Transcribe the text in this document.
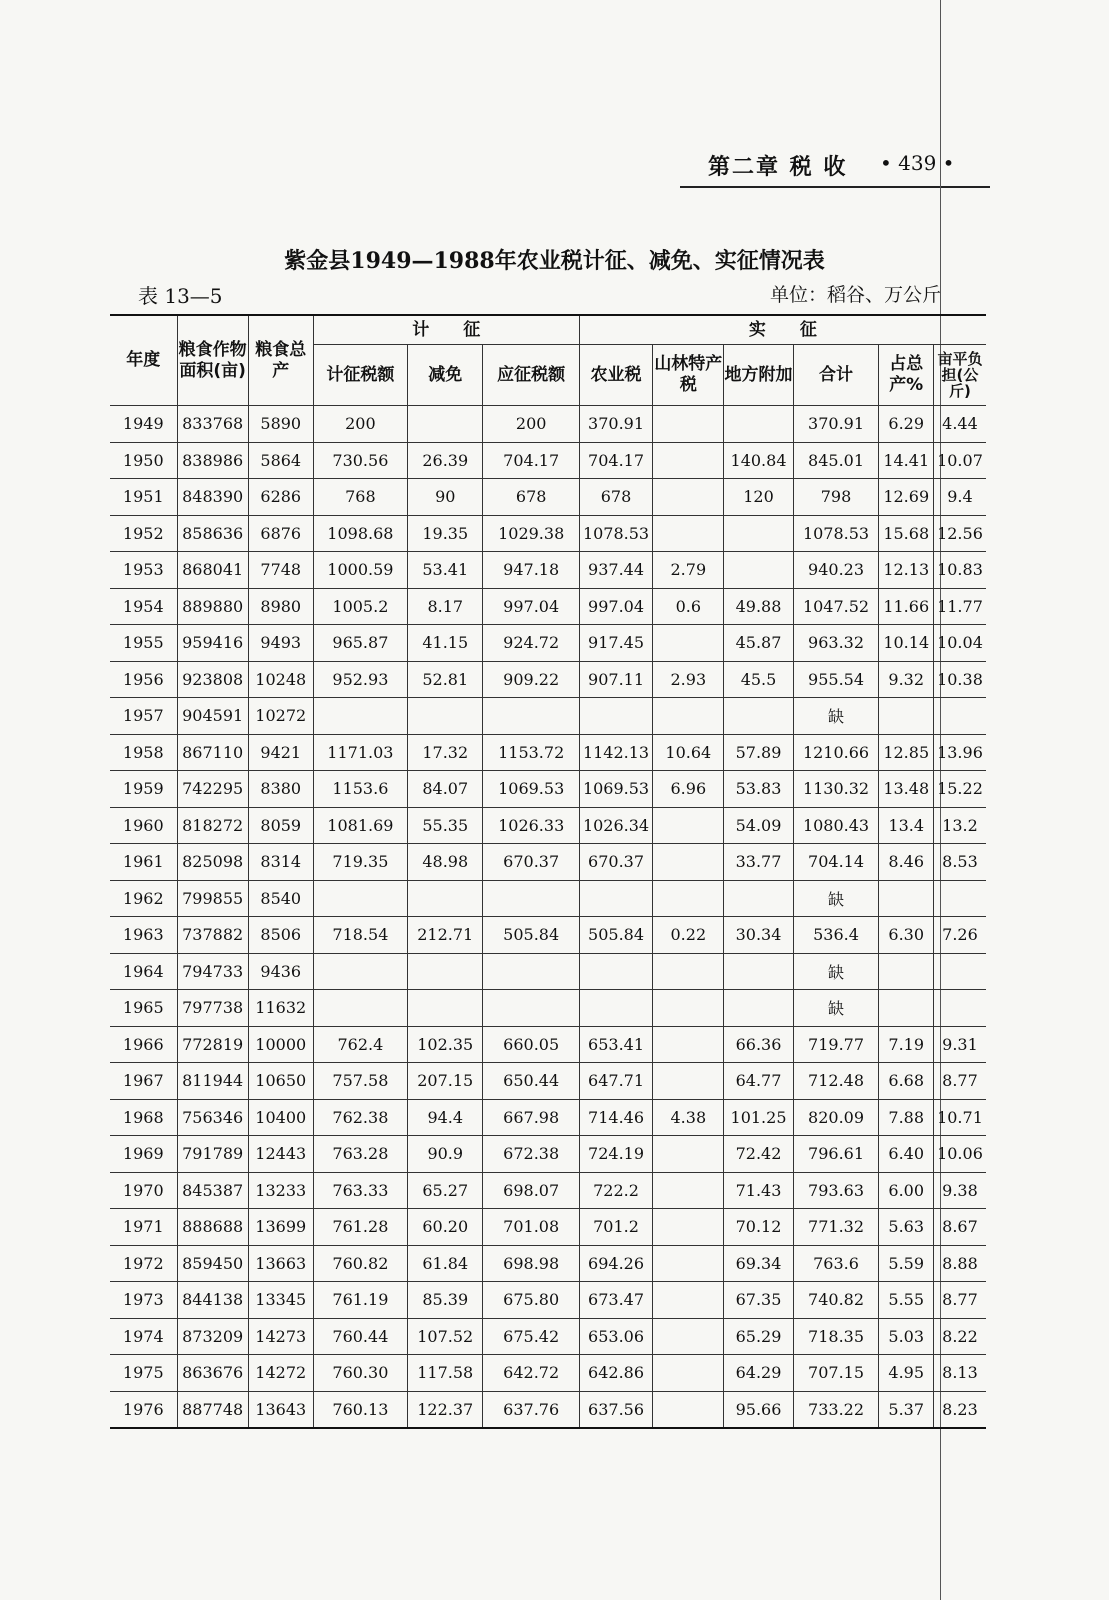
第二章 税 收 • 439 •
紫金县1949—1988年农业税计征、减免、实征情况表
表 13—5	单位：稻谷、万公斤
年度	粮食作物面积(亩)	粮食总产	计　　征			实　　征					
			计征税额	减免	应征税额	农业税	山林特产税	地方附加	合计	占总产%	亩平负担(公斤)
1949	833768	5890	200		200	370.91			370.91	6.29	4.44
1950	838986	5864	730.56	26.39	704.17	704.17		140.84	845.01	14.41	10.07
1951	848390	6286	768	90	678	678		120	798	12.69	9.4
1952	858636	6876	1098.68	19.35	1029.38	1078.53			1078.53	15.68	12.56
1953	868041	7748	1000.59	53.41	947.18	937.44	2.79		940.23	12.13	10.83
1954	889880	8980	1005.2	8.17	997.04	997.04	0.6	49.88	1047.52	11.66	11.77
1955	959416	9493	965.87	41.15	924.72	917.45		45.87	963.32	10.14	10.04
1956	923808	10248	952.93	52.81	909.22	907.11	2.93	45.5	955.54	9.32	10.38
1957	904591	10272							缺		
1958	867110	9421	1171.03	17.32	1153.72	1142.13	10.64	57.89	1210.66	12.85	13.96
1959	742295	8380	1153.6	84.07	1069.53	1069.53	6.96	53.83	1130.32	13.48	15.22
1960	818272	8059	1081.69	55.35	1026.33	1026.34		54.09	1080.43	13.4	13.2
1961	825098	8314	719.35	48.98	670.37	670.37		33.77	704.14	8.46	8.53
1962	799855	8540							缺		
1963	737882	8506	718.54	212.71	505.84	505.84	0.22	30.34	536.4	6.30	7.26
1964	794733	9436							缺		
1965	797738	11632							缺		
1966	772819	10000	762.4	102.35	660.05	653.41		66.36	719.77	7.19	9.31
1967	811944	10650	757.58	207.15	650.44	647.71		64.77	712.48	6.68	8.77
1968	756346	10400	762.38	94.4	667.98	714.46	4.38	101.25	820.09	7.88	10.71
1969	791789	12443	763.28	90.9	672.38	724.19		72.42	796.61	6.40	10.06
1970	845387	13233	763.33	65.27	698.07	722.2		71.43	793.63	6.00	9.38
1971	888688	13699	761.28	60.20	701.08	701.2		70.12	771.32	5.63	8.67
1972	859450	13663	760.82	61.84	698.98	694.26		69.34	763.6	5.59	8.88
1973	844138	13345	761.19	85.39	675.80	673.47		67.35	740.82	5.55	8.77
1974	873209	14273	760.44	107.52	675.42	653.06		65.29	718.35	5.03	8.22
1975	863676	14272	760.30	117.58	642.72	642.86		64.29	707.15	4.95	8.13
1976	887748	13643	760.13	122.37	637.76	637.56		95.66	733.22	5.37	8.23
